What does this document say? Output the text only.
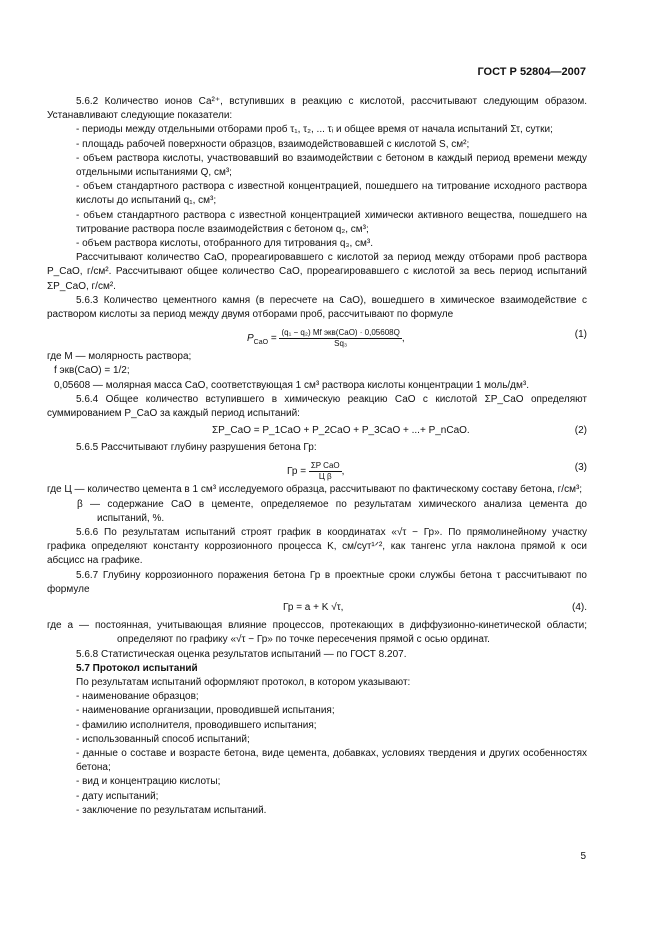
ГОСТ Р 52804—2007
5.6.2 Количество ионов Са²⁺, вступивших в реакцию с кислотой, рассчитывают следующим образом. Устанавливают следующие показатели:
- периоды между отдельными отборами проб τ₁, τ₂, ... τᵢ и общее время от начала испытаний Στ, сутки;
- площадь рабочей поверхности образцов, взаимодействовавшей с кислотой S, см²;
- объем раствора кислоты, участвовавший во взаимодействии с бетоном в каждый период времени между отдельными испытаниями Q, см³;
- объем стандартного раствора с известной концентрацией, пошедшего на титрование исходного раствора кислоты до испытаний q₁, см³;
- объем стандартного раствора с известной концентрацией химически активного вещества, пошедшего на титрование раствора после взаимодействия с бетоном q₂, см³;
- объем раствора кислоты, отобранного для титрования q₃, см³.
Рассчитывают количество СаО, прореагировавшего с кислотой за период между отборами проб раствора P_CaO, г/см². Рассчитывают общее количество СаО, прореагировавшего с кислотой за весь период испытаний ΣP_CaO, г/см².
5.6.3 Количество цементного камня (в пересчете на СаО), вошедшего в химическое взаимодействие с раствором кислоты за период между двумя отборами проб, рассчитывают по формуле
$P_{CaO} = \frac{\text{(q₁ − q₂) Mf экв(CaO) · 0,05608Q}}{\text{Sq₃}}$ ,	(1)
где M — молярность раствора;
f экв(CaO) = 1/2;
0,05608 — молярная масса СаО, соответствующая 1 см³ раствора кислоты концентрации 1 моль/дм³.
5.6.4 Общее количество вступившего в химическую реакцию СаО с кислотой ΣP_CaO определяют суммированием P_CaO за каждый период испытаний:
ΣP_CaO = P_1CaO + P_2CaO + P_3CaO + ...+ P_nCaO.	(2)
5.6.5 Рассчитывают глубину разрушения бетона Гр:
Гр = $\frac{\text{ΣP CaO}}{\text{Ц β}}$ ,	(3)
где Ц — количество цемента в 1 см³ исследуемого образца, рассчитывают по фактическому составу бетона, г/см³;
β — содержание СаО в цементе, определяемое по результатам химического анализа цемента до испытаний, %.
5.6.6 По результатам испытаний строят график в координатах «√τ − Гр». По прямолинейному участку графика определяют константу коррозионного процесса K, см/сут¹ᐟ², как тангенс угла наклона прямой к оси абсцисс на графике.
5.6.7 Глубину коррозионного поражения бетона Гр в проектные сроки службы бетона τ рассчитывают по формуле
Гр = a + K √τ,	(4).
где a — постоянная, учитывающая влияние процессов, протекающих в диффузионно-кинетической области; определяют по графику «√τ − Гр» по точке пересечения прямой с осью ординат.
5.6.8 Статистическая оценка результатов испытаний — по ГОСТ 8.207.
5.7 Протокол испытаний
По результатам испытаний оформляют протокол, в котором указывают:
- наименование образцов;
- наименование организации, проводившей испытания;
- фамилию исполнителя, проводившего испытания;
- использованный способ испытаний;
- данные о составе и возрасте бетона, виде цемента, добавках, условиях твердения и других особенностях бетона;
- вид и концентрацию кислоты;
- дату испытаний;
- заключение по результатам испытаний.
5
